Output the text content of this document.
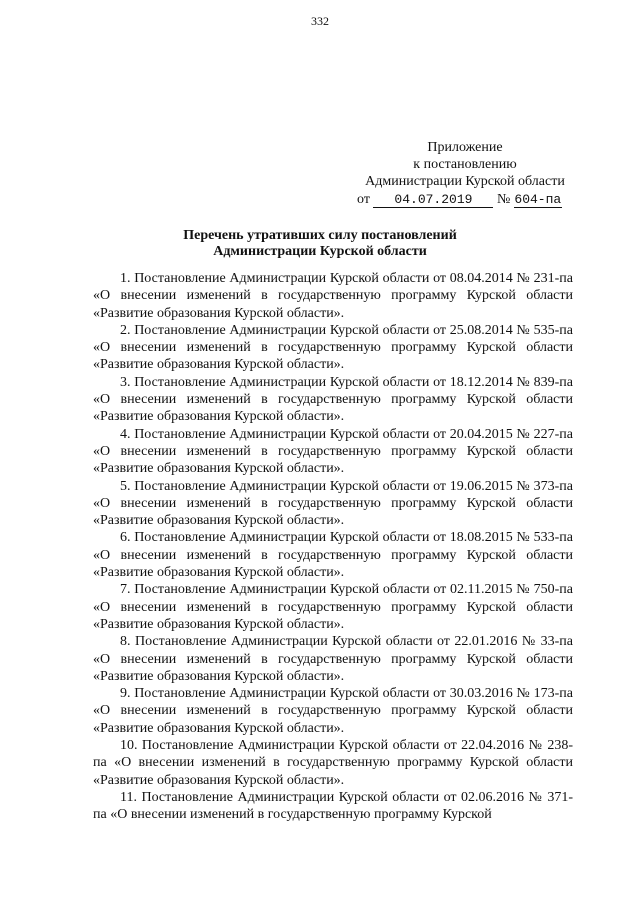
332
Приложение
к постановлению
Администрации Курской области
от 04.07.2019 № 604-па
Перечень утративших силу постановлений
Администрации Курской области

1. Постановление Администрации Курской области от 08.04.2014 № 231-па «О внесении изменений в государственную программу Курской области «Развитие образования Курской области».

2. Постановление Администрации Курской области от 25.08.2014 № 535-па «О внесении изменений в государственную программу Курской области «Развитие образования Курской области».

3. Постановление Администрации Курской области от 18.12.2014 № 839-па «О внесении изменений в государственную программу Курской области «Развитие образования Курской области».

4. Постановление Администрации Курской области от 20.04.2015 № 227-па «О внесении изменений в государственную программу Курской области «Развитие образования Курской области».

5. Постановление Администрации Курской области от 19.06.2015 № 373-па «О внесении изменений в государственную программу Курской области «Развитие образования Курской области».

6. Постановление Администрации Курской области от 18.08.2015 № 533-па «О внесении изменений в государственную программу Курской области «Развитие образования Курской области».

7. Постановление Администрации Курской области от 02.11.2015 № 750-па «О внесении изменений в государственную программу Курской области «Развитие образования Курской области».

8. Постановление Администрации Курской области от 22.01.2016 № 33-па «О внесении изменений в государственную программу Курской области «Развитие образования Курской области».

9. Постановление Администрации Курской области от 30.03.2016 № 173-па «О внесении изменений в государственную программу Курской области «Развитие образования Курской области».

10. Постановление Администрации Курской области от 22.04.2016 № 238-па «О внесении изменений в государственную программу Курской области «Развитие образования Курской области».

11. Постановление Администрации Курской области от 02.06.2016 № 371-па «О внесении изменений в государственную программу Курской
